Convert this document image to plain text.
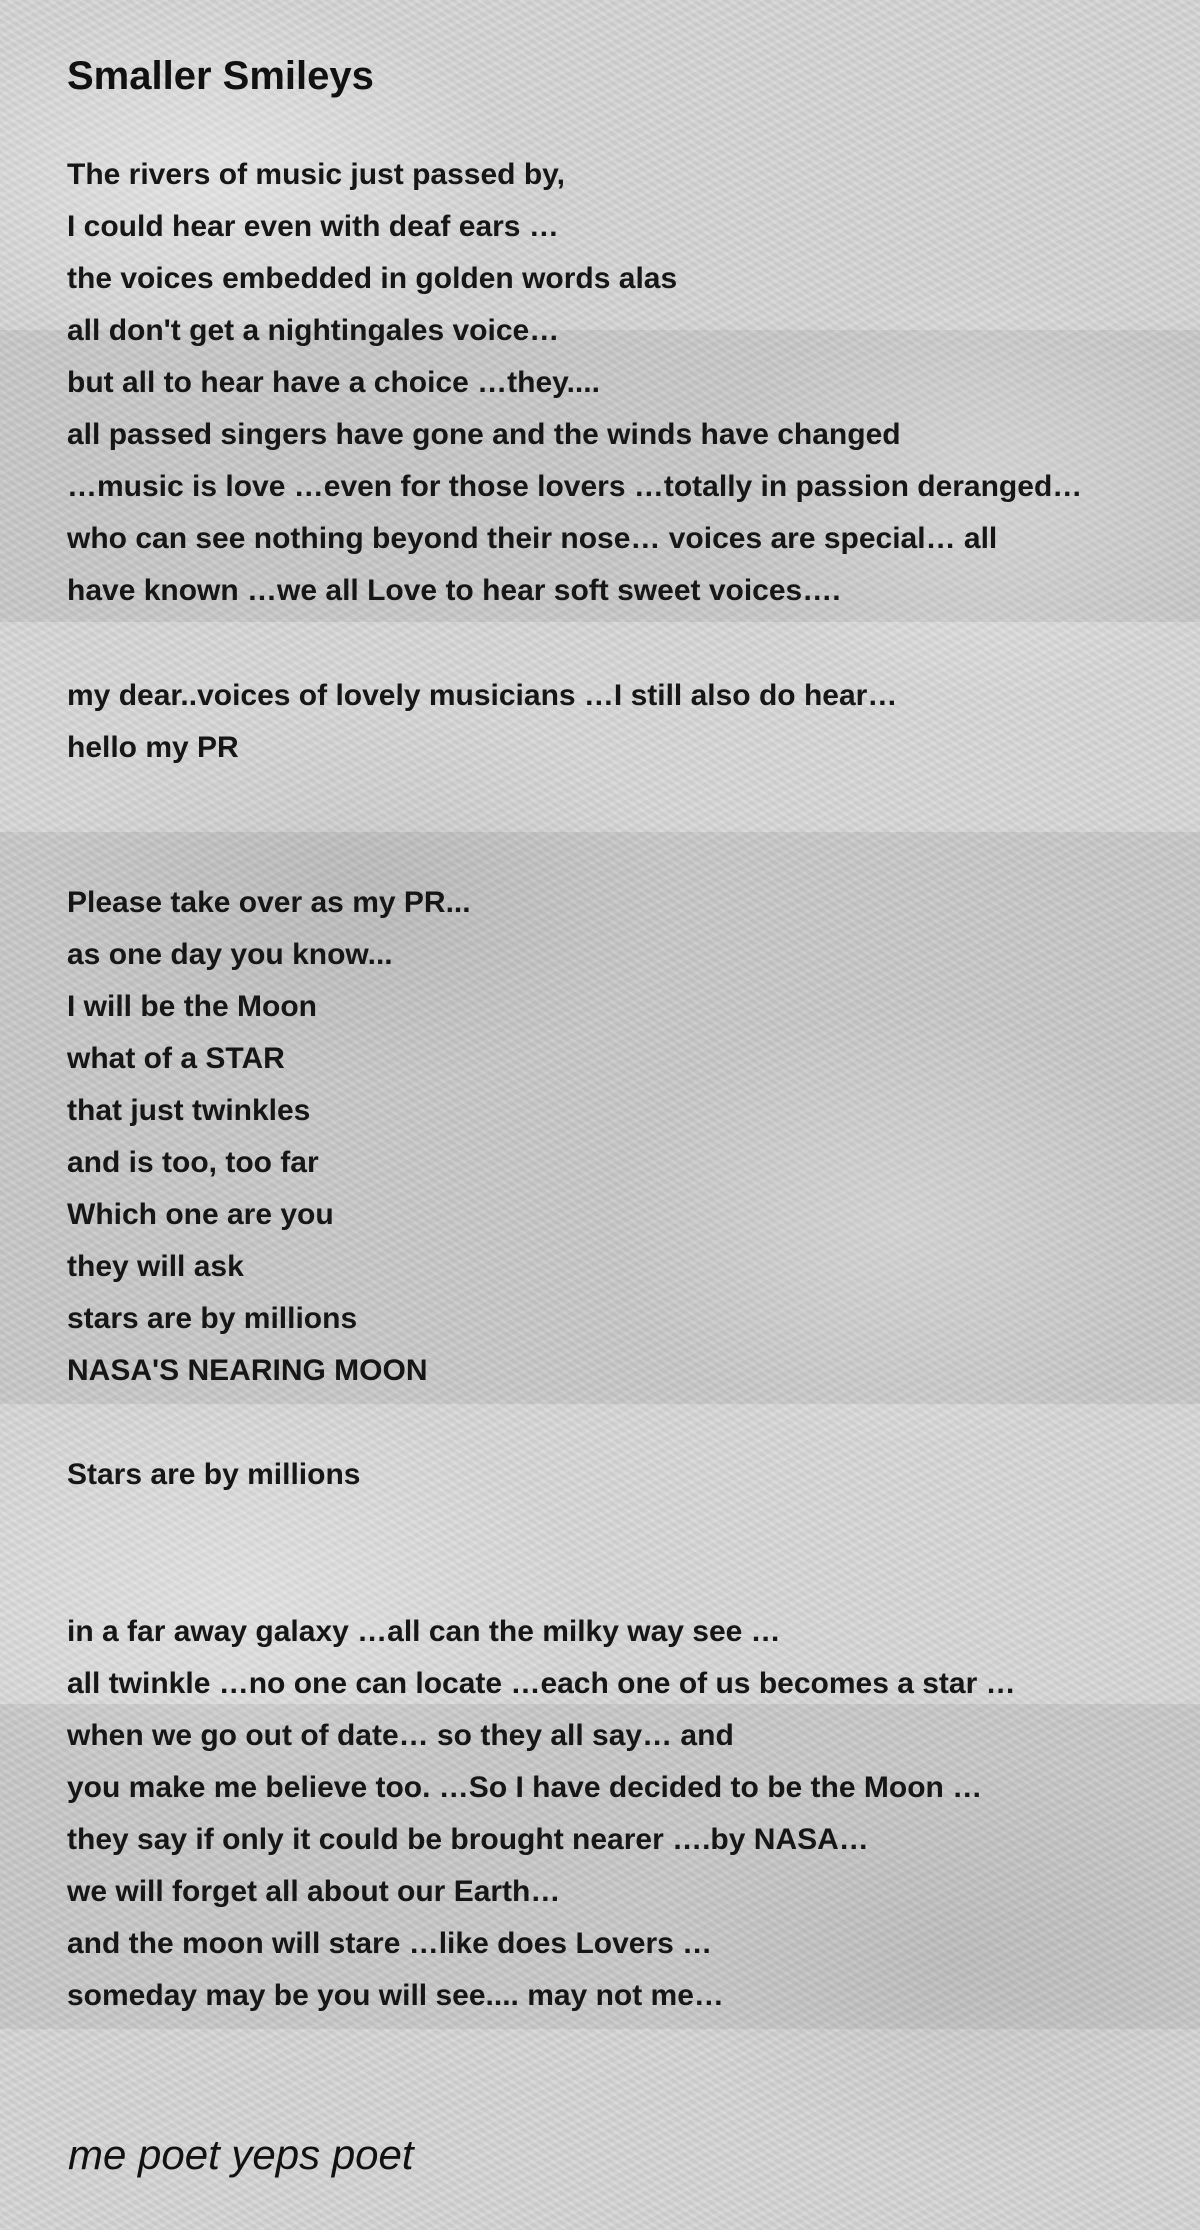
Smaller Smileys

The rivers of music just passed by,

I could hear even with deaf ears …

the voices embedded in golden words alas

all don't get a nightingales voice…

but all to hear have a choice …they....

all passed singers have gone and the winds have changed

…music is love …even for those lovers …totally in passion deranged…

who can see nothing beyond their nose… voices are special… all

have known …we all Love to hear soft sweet voices….

my dear..voices of lovely musicians …I still also do hear…

hello my PR

Please take over as my PR...

as one day you know...

I will be the Moon

what of a STAR

that just twinkles

and is too, too far

Which one are you

they will ask

stars are by millions

NASA'S NEARING MOON

Stars are by millions

in a far away galaxy …all can the milky way see …

all twinkle …no one can locate …each one of us becomes a star …

when we go out of date… so they all say… and

you make me believe too. …So I have decided to be the Moon …

they say if only it could be brought nearer ….by NASA…

we will forget all about our Earth…

and the moon will stare …like does Lovers …

someday may be you will see.... may not me…

me poet yeps poet
